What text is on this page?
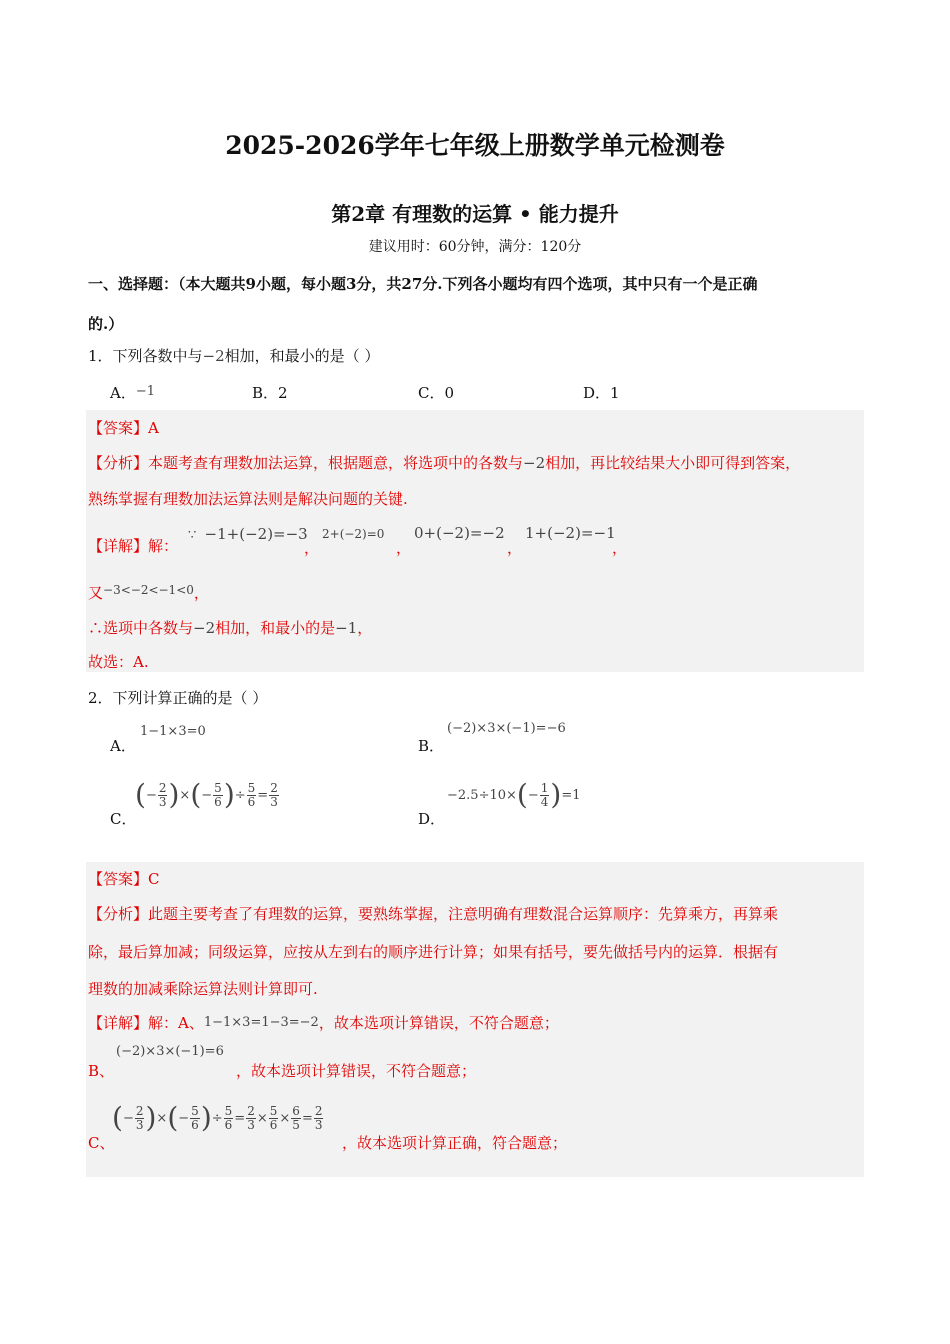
2025-2026学年七年级上册数学单元检测卷
第2章 有理数的运算 • 能力提升
建议用时：60分钟，满分：120分
一、选择题：（本大题共9小题，每小题3分，共27分.下列各小题均有四个选项，其中只有一个是正确
的.）
1．下列各数中与−2相加，和最小的是（ ）
A．−1	B．2	C．0	D．1
【答案】A
【分析】本题考查有理数加法运算，根据题意，将选项中的各数与−2相加，再比较结果大小即可得到答案，
熟练掌握有理数加法运算法则是解决问题的关键.
【详解】解：
∵ −1+(−2)=−3
，
2+(−2)=0
，
0+(−2)=−2
，
1+(−2)=−1
，
又$^{-3<-2<-1<0}$，
∴选项中各数与−2相加，和最小的是−1，
故选：A.
2．下列计算正确的是（ ）
A．
1−1×3=0
B．
(−2)×3×(−1)=−6
C．
( − $\frac{2}{3}$ ) × ( − $\frac{5}{6}$ ) ÷ $\frac{5}{6} = \frac{2}{3}$
D．
−2.5÷10× ( − $\frac{1}{4}$ ) =1
【答案】C
【分析】此题主要考查了有理数的运算，要熟练掌握，注意明确有理数混合运算顺序：先算乘方，再算乘
除，最后算加减；同级运算，应按从左到右的顺序进行计算；如果有括号，要先做括号内的运算．根据有
理数的加减乘除运算法则计算即可.
【详解】解：A、1−1×3=1−3=−2，故本选项计算错误，不符合题意；
B、
(−2)×3×(−1)=6
，故本选项计算错误，不符合题意；
C、
( − $\frac{2}{3}$ ) × ( − $\frac{5}{6}$ ) ÷ $\frac{5}{6} = \frac{2}{3} \times \frac{5}{6} \times \frac{6}{5} = \frac{2}{3}$
，故本选项计算正确，符合题意；
